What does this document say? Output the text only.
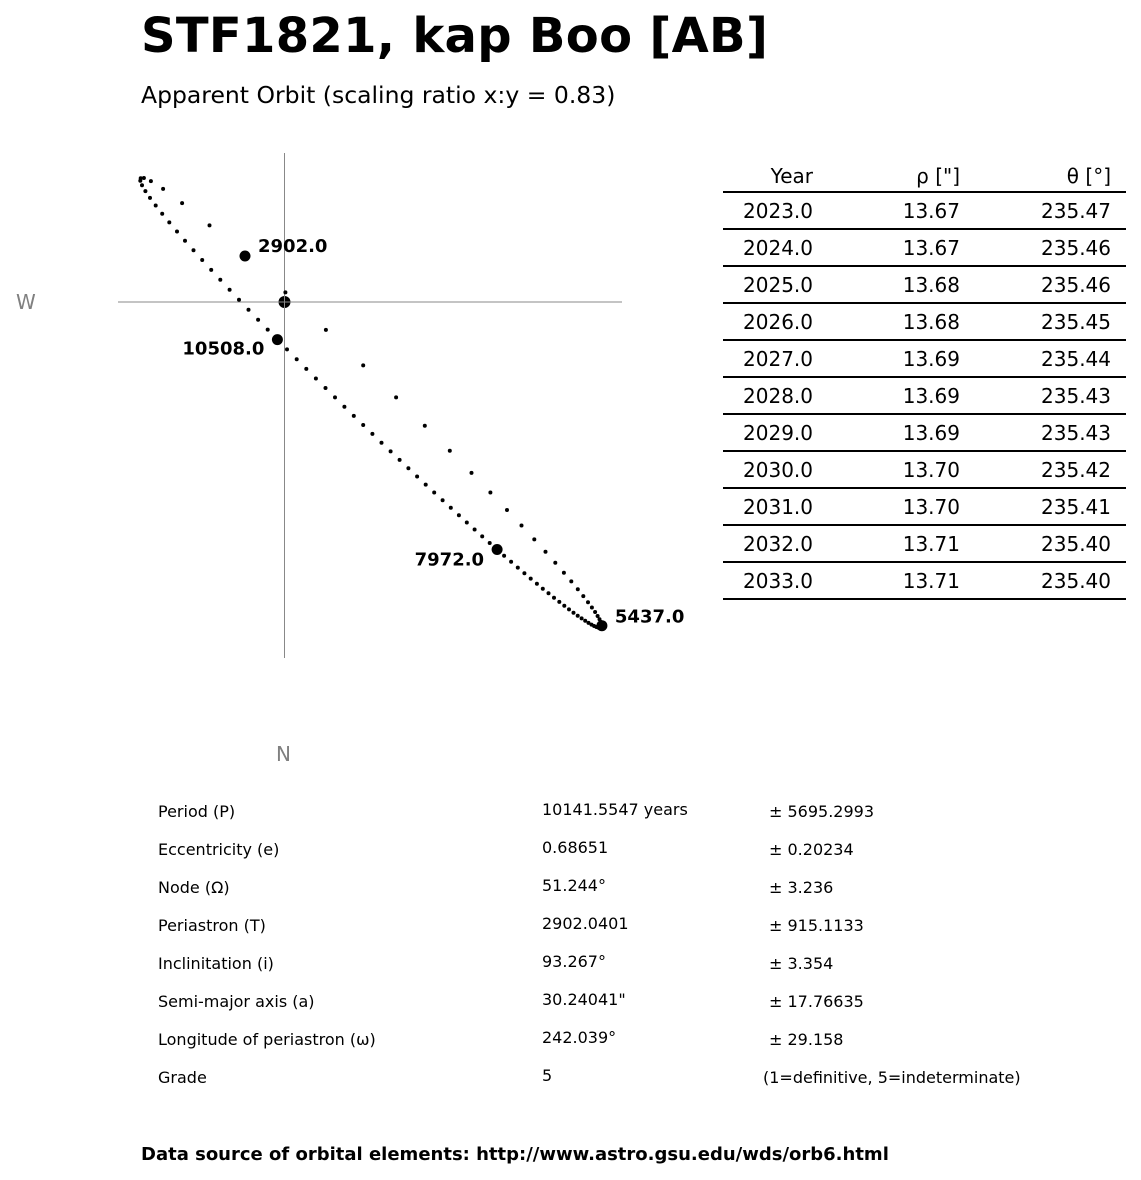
STF1821, kap Boo [AB]
Apparent Orbit (scaling ratio x:y = 0.83)
W
N
2902.0
5437.0
7972.0
10508.0
Year	ρ ["]	θ [°]
2023.0	13.67	235.47
2024.0	13.67	235.46
2025.0	13.68	235.46
2026.0	13.68	235.45
2027.0	13.69	235.44
2028.0	13.69	235.43
2029.0	13.69	235.43
2030.0	13.70	235.42
2031.0	13.70	235.41
2032.0	13.71	235.40
2033.0	13.71	235.40
Period (P)	10141.5547 years	± 5695.2993
Eccentricity (e)	0.68651	± 0.20234
Node (Ω)	51.244°	± 3.236
Periastron (T)	2902.0401	± 915.1133
Inclinitation (i)	93.267°	± 3.354
Semi-major axis (a)	30.24041"	± 17.76635
Longitude of periastron (ω)	242.039°	± 29.158
Grade	5	(1=definitive, 5=indeterminate)
Data source of orbital elements: http://www.astro.gsu.edu/wds/orb6.html
